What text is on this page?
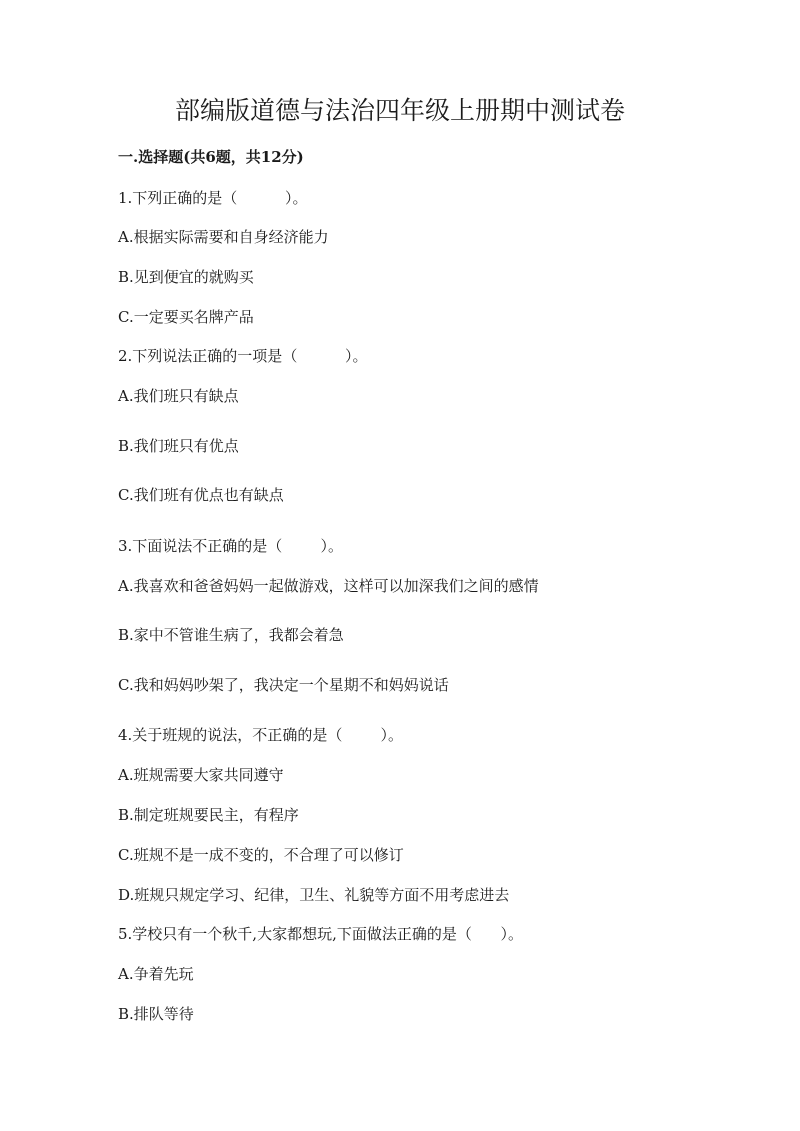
部编版道德与法治四年级上册期中测试卷
一.选择题(共6题，共12分)
1.下列正确的是（          ）。
A.根据实际需要和自身经济能力
B.见到便宜的就购买
C.一定要买名牌产品
2.下列说法正确的一项是（          ）。
A.我们班只有缺点
B.我们班只有优点
C.我们班有优点也有缺点
3.下面说法不正确的是（        ）。
A.我喜欢和爸爸妈妈一起做游戏，这样可以加深我们之间的感情
B.家中不管谁生病了，我都会着急
C.我和妈妈吵架了，我决定一个星期不和妈妈说话
4.关于班规的说法，不正确的是（        ）。
A.班规需要大家共同遵守
B.制定班规要民主，有程序
C.班规不是一成不变的，不合理了可以修订
D.班规只规定学习、纪律，卫生、礼貌等方面不用考虑进去
5.学校只有一个秋千,大家都想玩,下面做法正确的是（      ）。
A.争着先玩
B.排队等待
